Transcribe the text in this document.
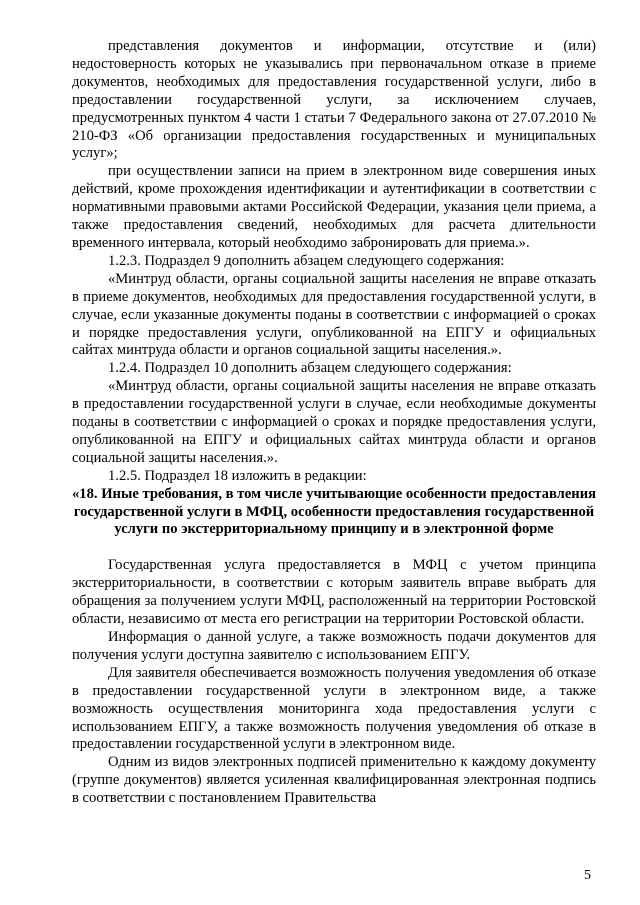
представления документов и информации, отсутствие и (или) недостоверность которых не указывались при первоначальном отказе в приеме документов, необходимых для предоставления государственной услуги, либо в предоставлении государственной услуги, за исключением случаев, предусмотренных пунктом 4 части 1 статьи 7 Федерального закона от 27.07.2010 № 210-ФЗ «Об организации предоставления государственных и муниципальных услуг»;

при осуществлении записи на прием в электронном виде совершения иных действий, кроме прохождения идентификации и аутентификации в соответствии с нормативными правовыми актами Российской Федерации, указания цели приема, а также предоставления сведений, необходимых для расчета длительности временного интервала, который необходимо забронировать для приема.».

1.2.3. Подраздел 9 дополнить абзацем следующего содержания:

«Минтруд области, органы социальной защиты населения не вправе отказать в приеме документов, необходимых для предоставления государственной услуги, в случае, если указанные документы поданы в соответствии с информацией о сроках и порядке предоставления услуги, опубликованной на ЕПГУ и официальных сайтах минтруда области и органов социальной защиты населения.».

1.2.4. Подраздел 10 дополнить абзацем следующего содержания:

«Минтруд области, органы социальной защиты населения не вправе отказать в предоставлении государственной услуги в случае, если необходимые документы поданы в соответствии с информацией о сроках и порядке предоставления услуги, опубликованной на ЕПГУ и официальных сайтах минтруда области и органов социальной защиты населения.».

1.2.5. Подраздел 18 изложить в редакции:

«18. Иные требования, в том числе учитывающие особенности предоставления государственной услуги в МФЦ, особенности предоставления государственной услуги по экстерриториальному принципу и в электронной форме

Государственная услуга предоставляется в МФЦ с учетом принципа экстерриториальности, в соответствии с которым заявитель вправе выбрать для обращения за получением услуги МФЦ, расположенный на территории Ростовской области, независимо от места его регистрации на территории Ростовской области.

Информация о данной услуге, а также возможность подачи документов для получения услуги доступна заявителю с использованием ЕПГУ.

Для заявителя обеспечивается возможность получения уведомления об отказе в предоставлении государственной услуги в электронном виде, а также возможность осуществления мониторинга хода предоставления услуги с использованием ЕПГУ, а также возможность получения уведомления об отказе в предоставлении государственной услуги в электронном виде.

Одним из видов электронных подписей применительно к каждому документу (группе документов) является усиленная квалифицированная электронная подпись в соответствии с постановлением Правительства

5
